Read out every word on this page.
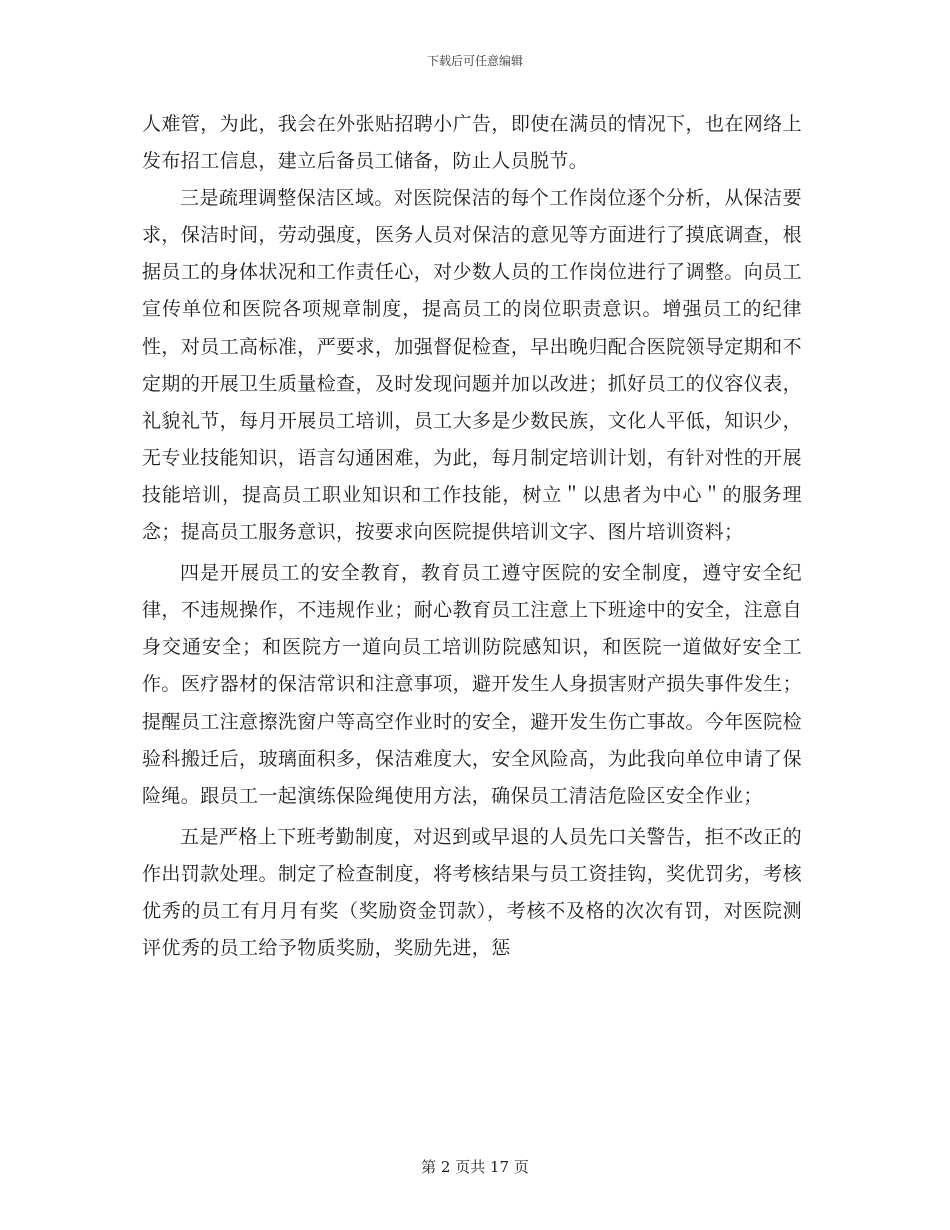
下载后可任意编辑

人难管，为此，我会在外张贴招聘小广告，即使在满员的情况下，也在网络上发布招工信息，建立后备员工储备，防止人员脱节。

三是疏理调整保洁区域。对医院保洁的每个工作岗位逐个分析，从保洁要求，保洁时间，劳动强度，医务人员对保洁的意见等方面进行了摸底调查，根据员工的身体状况和工作责任心，对少数人员的工作岗位进行了调整。向员工宣传单位和医院各项规章制度，提高员工的岗位职责意识。增强员工的纪律性，对员工高标准，严要求，加强督促检查，早出晚归配合医院领导定期和不定期的开展卫生质量检查，及时发现问题并加以改进；抓好员工的仪容仪表，礼貌礼节，每月开展员工培训，员工大多是少数民族，文化人平低，知识少，无专业技能知识，语言勾通困难，为此，每月制定培训计划，有针对性的开展技能培训，提高员工职业知识和工作技能，树立＂以患者为中心＂的服务理念；提高员工服务意识，按要求向医院提供培训文字、图片培训资料；

四是开展员工的安全教育，教育员工遵守医院的安全制度，遵守安全纪律，不违规操作，不违规作业；耐心教育员工注意上下班途中的安全，注意自身交通安全；和医院方一道向员工培训防院感知识，和医院一道做好安全工作。医疗器材的保洁常识和注意事项，避开发生人身损害财产损失事件发生；提醒员工注意擦洗窗户等高空作业时的安全，避开发生伤亡事故。今年医院检验科搬迁后，玻璃面积多，保洁难度大，安全风险高，为此我向单位申请了保险绳。跟员工一起演练保险绳使用方法，确保员工清洁危险区安全作业；

五是严格上下班考勤制度，对迟到或早退的人员先口关警告，拒不改正的作出罚款处理。制定了检查制度，将考核结果与员工资挂钩，奖优罚劣，考核优秀的员工有月月有奖（奖励资金罚款），考核不及格的次次有罚，对医院测评优秀的员工给予物质奖励，奖励先进，惩

第 2 页共 17 页
